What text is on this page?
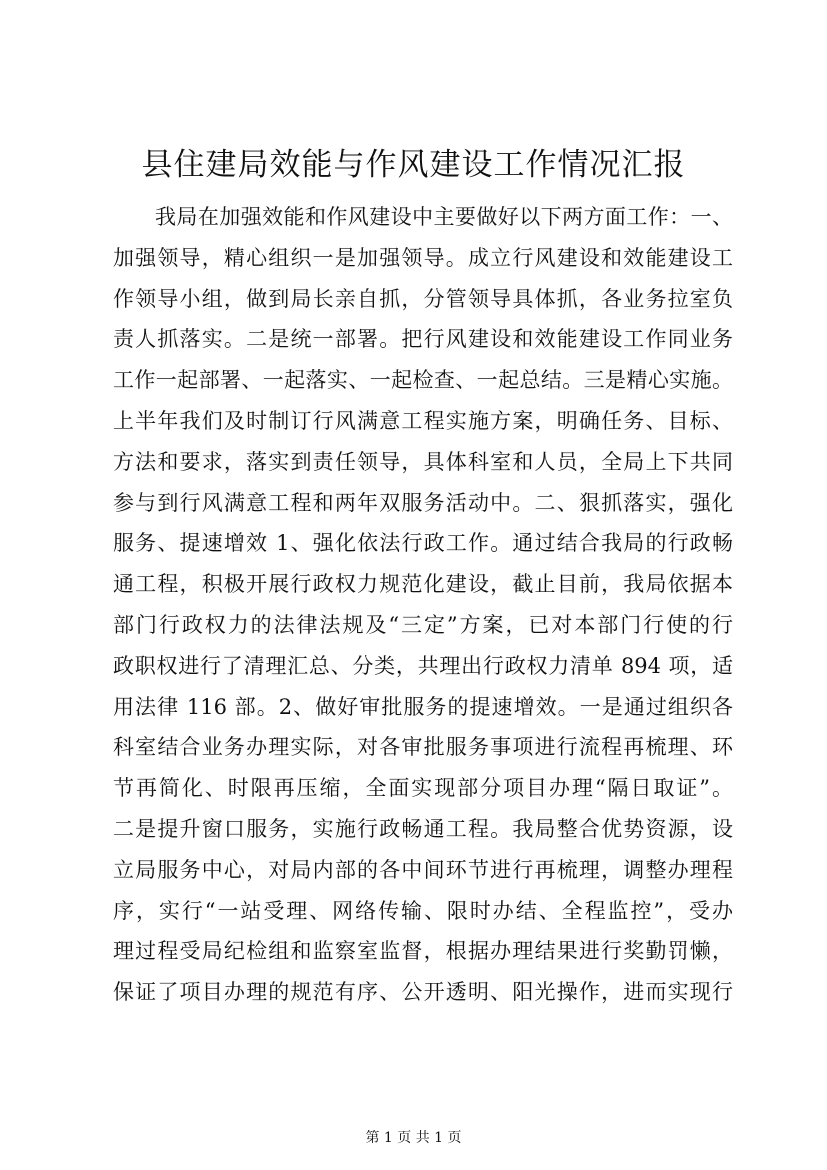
县住建局效能与作风建设工作情况汇报
我局在加强效能和作风建设中主要做好以下两方面工作：一、
加强领导，精心组织一是加强领导。成立行风建设和效能建设工
作领导小组，做到局长亲自抓，分管领导具体抓，各业务拉室负
责人抓落实。二是统一部署。把行风建设和效能建设工作同业务
工作一起部署、一起落实、一起检查、一起总结。三是精心实施。
上半年我们及时制订行风满意工程实施方案，明确任务、目标、
方法和要求，落实到责任领导，具体科室和人员，全局上下共同
参与到行风满意工程和两年双服务活动中。二、狠抓落实，强化
服务、提速增效 1、强化依法行政工作。通过结合我局的行政畅
通工程，积极开展行政权力规范化建设，截止目前，我局依据本
部门行政权力的法律法规及“三定”方案，已对本部门行使的行
政职权进行了清理汇总、分类，共理出行政权力清单 894 项，适
用法律 116 部。2、做好审批服务的提速增效。一是通过组织各
科室结合业务办理实际，对各审批服务事项进行流程再梳理、环
节再简化、时限再压缩，全面实现部分项目办理“隔日取证”。
二是提升窗口服务，实施行政畅通工程。我局整合优势资源，设
立局服务中心，对局内部的各中间环节进行再梳理，调整办理程
序，实行“一站受理、网络传输、限时办结、全程监控”，受办
理过程受局纪检组和监察室监督，根据办理结果进行奖勤罚懒，
保证了项目办理的规范有序、公开透明、阳光操作，进而实现行
第 1 页 共 1 页
